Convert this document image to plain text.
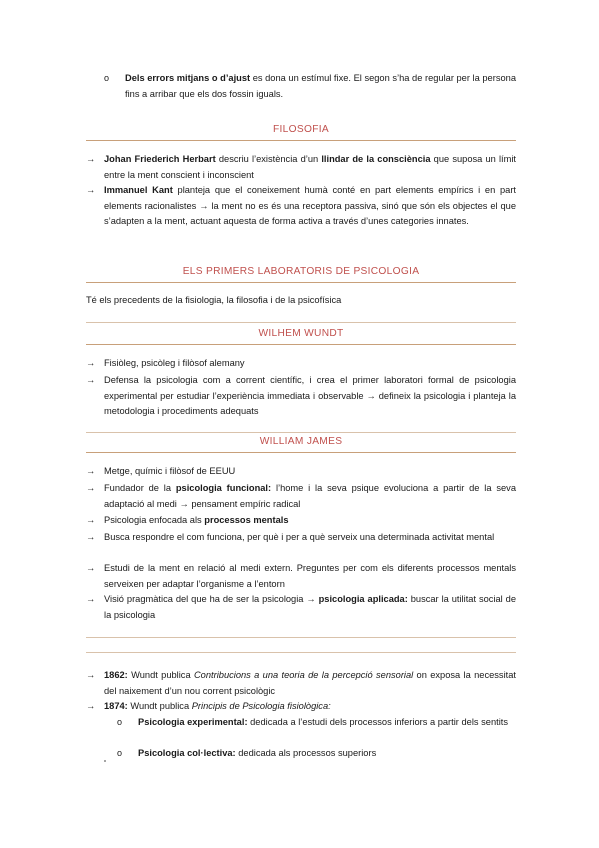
o Dels errors mitjans o d’ajust es dona un estímul fixe. El segon s’ha de regular per la persona fins a arribar que els dos fossin iguals.
FILOSOFIA
→ Johan Friederich Herbart descriu l’existència d’un llindar de la consciència que suposa un límit entre la ment conscient i inconscient
→ Immanuel Kant planteja que el coneixement humà conté en part elements empírics i en part elements racionalistes → la ment no es és una receptora passiva, sinó que són els objectes el que s’adapten a la ment, actuant aquesta de forma activa a través d’unes categories innates.
ELS PRIMERS LABORATORIS DE PSICOLOGIA
Té els precedents de la fisiologia, la filosofia i de la psicofísica
WILHEM WUNDT
→ Fisiòleg, psicòleg i filòsof alemany
→ Defensa la psicologia com a corrent científic, i crea el primer laboratori formal de psicologia experimental per estudiar l’experiència immediata i observable → defineix la psicologia i planteja la metodologia i procediments adequats
WILLIAM JAMES
→ Metge, químic i filòsof de EEUU
→ Fundador de la psicologia funcional: l’home i la seva psique evoluciona a partir de la seva adaptació al medi → pensament empíric radical
→ Psicologia enfocada als processos mentals
→ Busca respondre el com funciona, per què i per a què serveix una determinada activitat mental
→ Estudi de la ment en relació al medi extern. Preguntes per com els diferents processos mentals serveixen per adaptar l’organisme a l’entorn
→ Visió pragmàtica del que ha de ser la psicologia → psicologia aplicada: buscar la utilitat social de la psicologia
→ 1862: Wundt publica Contribucions a una teoria de la percepció sensorial on exposa la necessitat del naixement d’un nou corrent psicològic
→ 1874: Wundt publica Principis de Psicologia fisiològica:
o Psicologia experimental: dedicada a l’estudi dels processos inferiors a partir dels sentits
o Psicologia col·lectiva: dedicada als processos superiors
